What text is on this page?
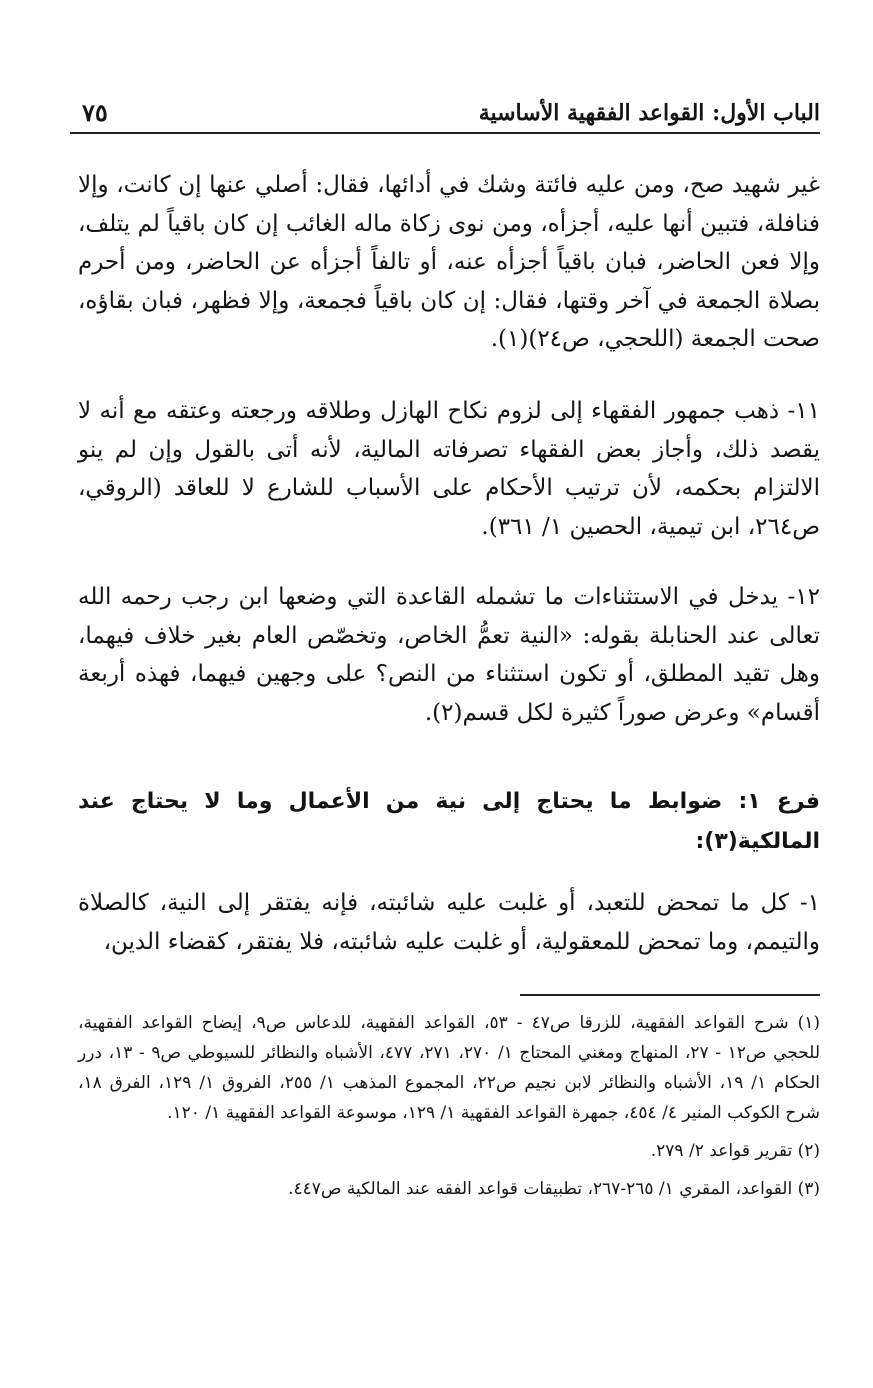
٧٥	الباب الأول: القواعد الفقهية الأساسية
غير شهيد صح، ومن عليه فائتة وشك في أدائها، فقال: أصلي عنها إن كانت، وإلا فنافلة، فتبين أنها عليه، أجزأه، ومن نوى زكاة ماله الغائب إن كان باقياً لم يتلف، وإلا فعن الحاضر، فبان باقياً أجزأه عنه، أو تالفاً أجزأه عن الحاضر، ومن أحرم بصلاة الجمعة في آخر وقتها، فقال: إن كان باقياً فجمعة، وإلا فظهر، فبان بقاؤه، صحت الجمعة (اللحجي، ص٢٤)(١).
١١- ذهب جمهور الفقهاء إلى لزوم نكاح الهازل وطلاقه ورجعته وعتقه مع أنه لا يقصد ذلك، وأجاز بعض الفقهاء تصرفاته المالية، لأنه أتى بالقول وإن لم ينو الالتزام بحكمه، لأن ترتيب الأحكام على الأسباب للشارع لا للعاقد (الروقي، ص٢٦٤، ابن تيمية، الحصين ١/ ٣٦١).
١٢- يدخل في الاستثناءات ما تشمله القاعدة التي وضعها ابن رجب رحمه الله تعالى عند الحنابلة بقوله: «النية تعمُّ الخاص، وتخصّص العام بغير خلاف فيهما، وهل تقيد المطلق، أو تكون استثناء من النص؟ على وجهين فيهما، فهذه أربعة أقسام» وعرض صوراً كثيرة لكل قسم(٢).
فرع ١: ضوابط ما يحتاج إلى نية من الأعمال وما لا يحتاج عند المالكية(٣):
١- كل ما تمحض للتعبد، أو غلبت عليه شائبته، فإنه يفتقر إلى النية، كالصلاة والتيمم، وما تمحض للمعقولية، أو غلبت عليه شائبته، فلا يفتقر، كقضاء الدين،

(١) شرح القواعد الفقهية، للزرقا ص٤٧ - ٥٣، القواعد الفقهية، للدعاس ص٩، إيضاح القواعد الفقهية، للحجي ص١٢ - ٢٧، المنهاج ومغني المحتاج ١/ ٢٧٠، ٢٧١، ٤٧٧، الأشباه والنظائر للسيوطي ص٩ - ١٣، درر الحكام ١/ ١٩، الأشباه والنظائر لابن نجيم ص٢٢، المجموع المذهب ١/ ٢٥٥، الفروق ١/ ١٢٩، الفرق ١٨، شرح الكوكب المنير ٤/ ٤٥٤، جمهرة القواعد الفقهية ١/ ١٢٩، موسوعة القواعد الفقهية ١/ ١٢٠.

(٢) تقرير قواعد ٢/ ٢٧٩.

(٣) القواعد، المقري ١/ ٢٦٥-٢٦٧، تطبيقات قواعد الفقه عند المالكية ص٤٤٧.
